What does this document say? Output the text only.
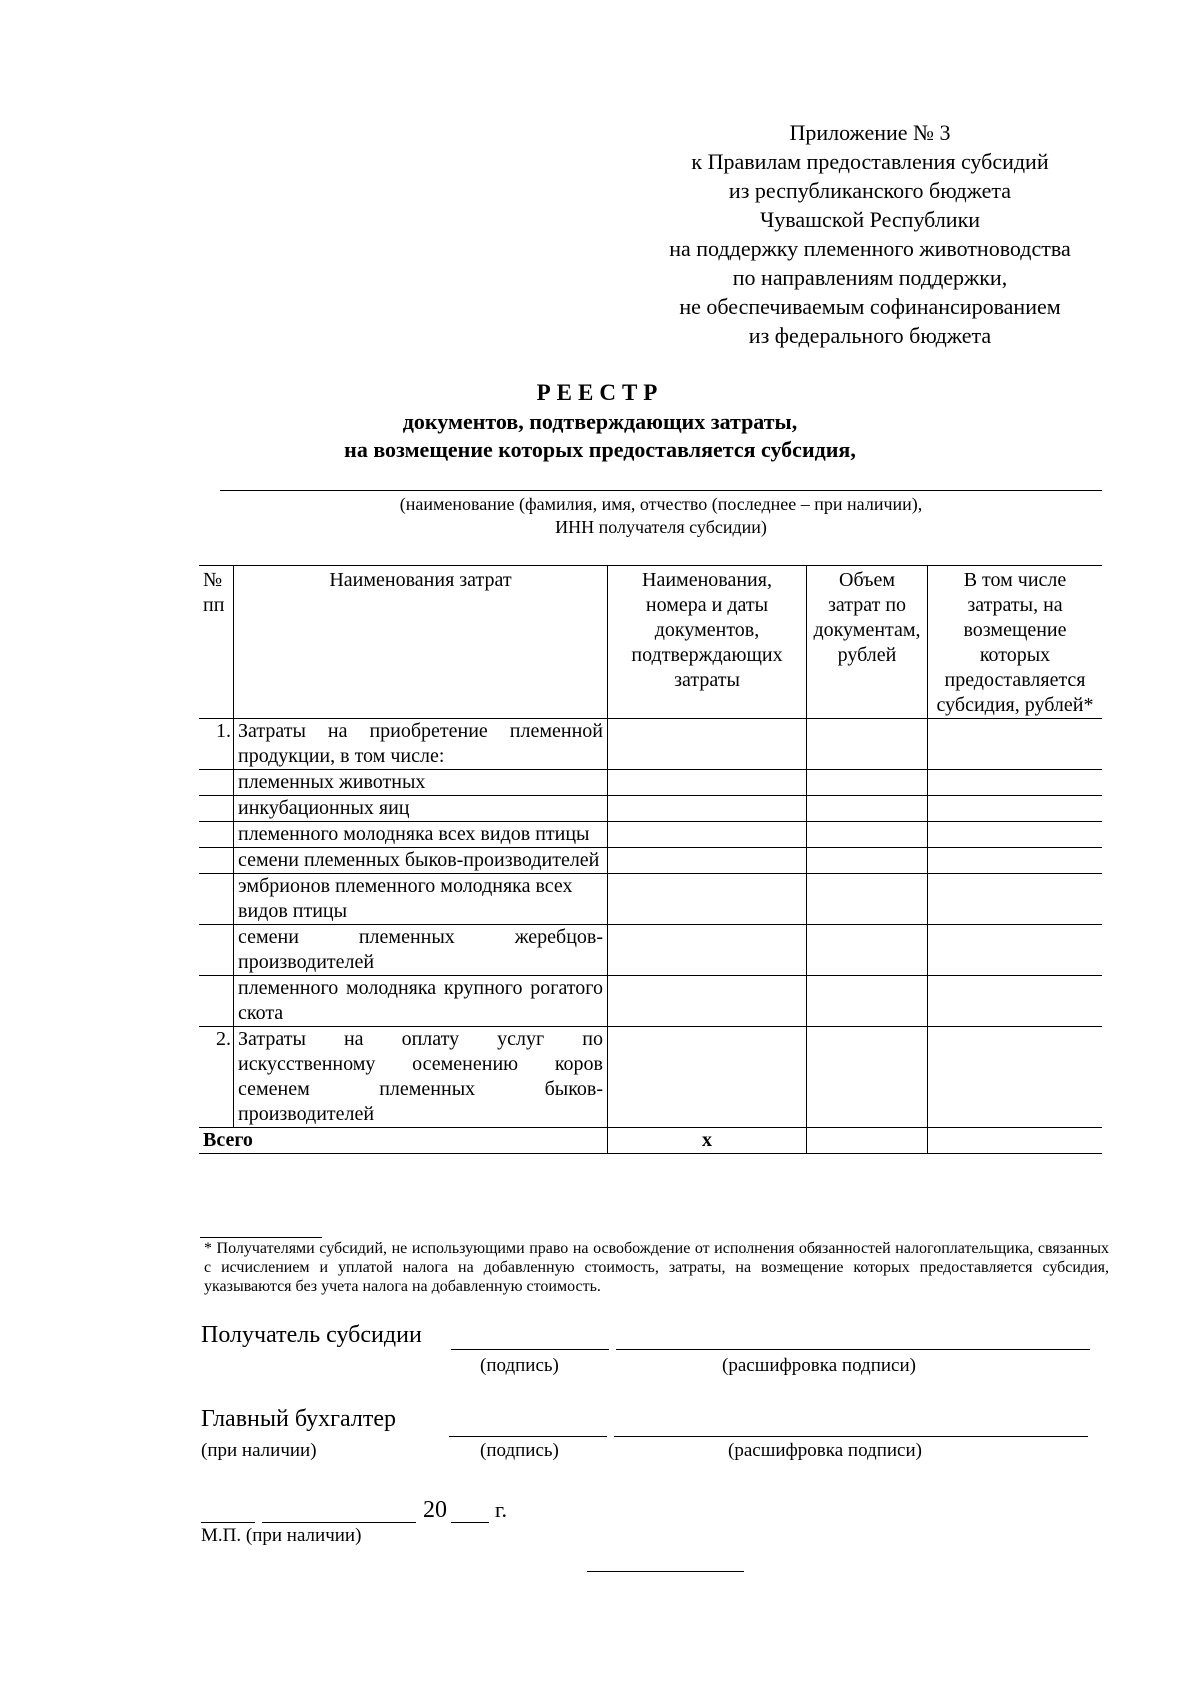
Приложение № 3
к Правилам предоставления субсидий
из республиканского бюджета
Чувашской Республики
на поддержку племенного животноводства
по направлениям поддержки,
не обеспечиваемым софинансированием
из федерального бюджета
РЕЕСТР
документов, подтверждающих затраты,
на возмещение которых предоставляется субсидия,
(наименование (фамилия, имя, отчество (последнее – при наличии),
ИНН получателя субсидии)
№ пп	Наименования затрат	Наименования, номера и даты документов, подтверждающих затраты	Объем затрат по документам, рублей	В том числе затраты, на возмещение которых предоставляется субсидия, рублей*
1.	Затраты на приобретение племенной продукции, в том числе:			
	племенных животных			
	инкубационных яиц			
	племенного молодняка всех видов птицы			
	семени племенных быков-производителей			
	эмбрионов племенного молодняка всех видов птицы			
	семени племенных жеребцов-производителей			
	племенного молодняка крупного рогатого скота			
2.	Затраты на оплату услуг по искусственному осеменению коров семенем племенных быков-производителей			
Всего		х		
* Получателями субсидий, не использующими право на освобождение от исполнения обязанностей налогоплательщика, связанных с исчислением и уплатой налога на добавленную стоимость, затраты, на возмещение которых предоставляется субсидия, указываются без учета налога на добавленную стоимость.
Получатель субсидии
(подпись)	(расшифровка подписи)
Главный бухгалтер
(при наличии)	(подпись)	(расшифровка подписи)
20 г.
М.П. (при наличии)
